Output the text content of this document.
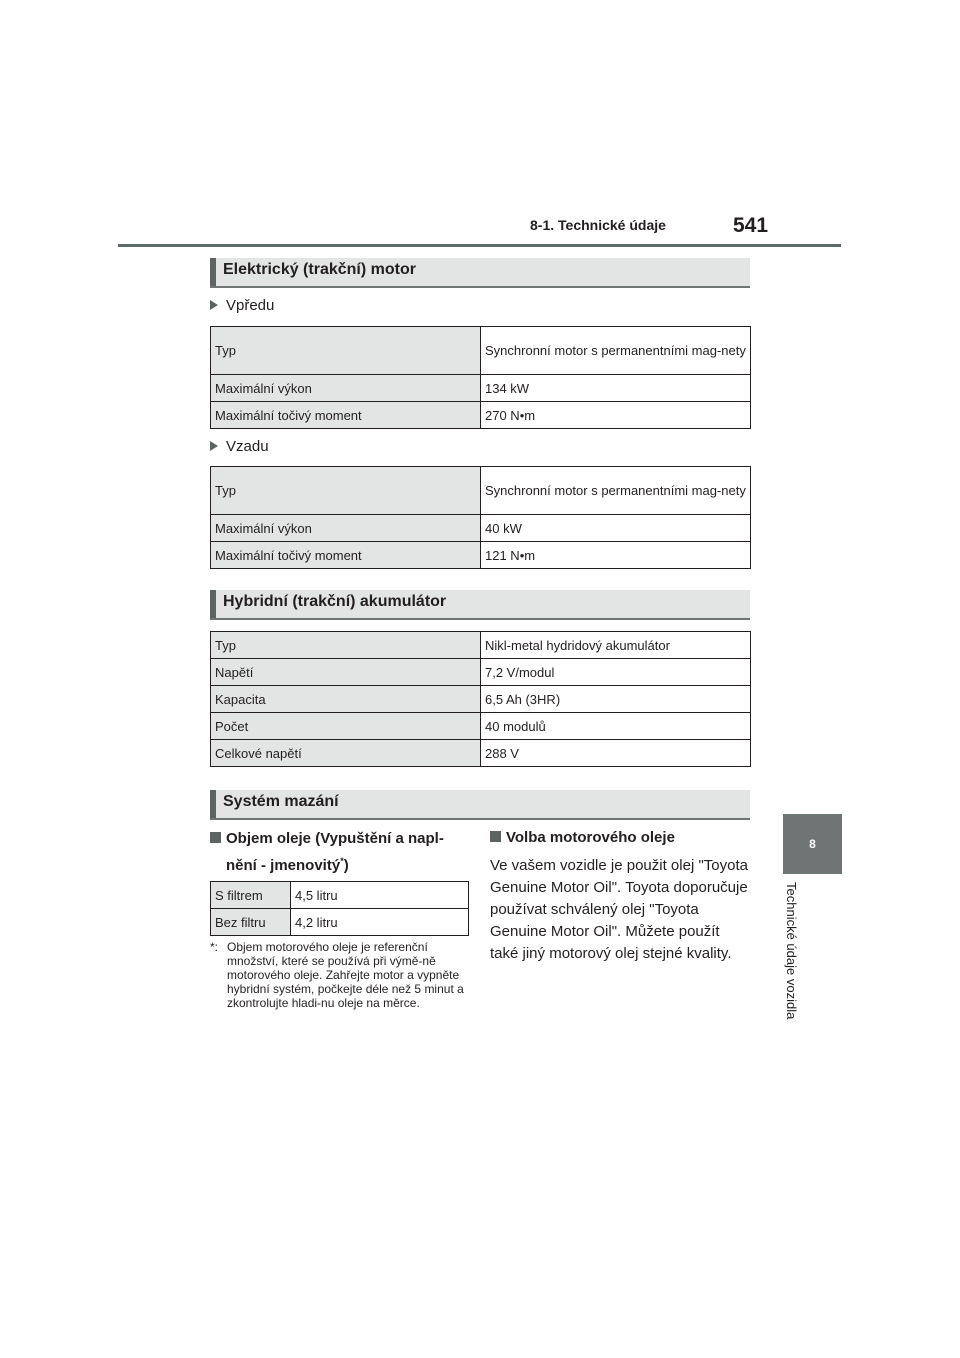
8-1. Technické údaje	541
8
Technické údaje vozidla
Elektrický (trakční) motor
Vpředu
Typ	Synchronní motor s permanentními mag-nety
Maximální výkon	134 kW
Maximální točivý moment	270 N•m
Vzadu
Typ	Synchronní motor s permanentními mag-nety
Maximální výkon	40 kW
Maximální točivý moment	121 N•m
Hybridní (trakční) akumulátor
Typ	Nikl-metal hydridový akumulátor
Napětí	7,2 V/modul
Kapacita	6,5 Ah (3HR)
Počet	40 modulů
Celkové napětí	288 V
Systém mazání
Objem oleje (Vypuštění a napl-
nění - jmenovitý*)
S filtrem	4,5 litru
Bez filtru	4,2 litru
*: Objem motorového oleje je referenční množství, které se používá při výmě-ně motorového oleje. Zahřejte motor a vypněte hybridní systém, počkejte déle než 5 minut a zkontrolujte hladi-nu oleje na měrce.
Volba motorového oleje
Ve vašem vozidle je použit olej "Toyota Genuine Motor Oil". Toyota doporučuje používat schválený olej "Toyota Genuine Motor Oil". Můžete použít také jiný motorový olej stejné kvality.
